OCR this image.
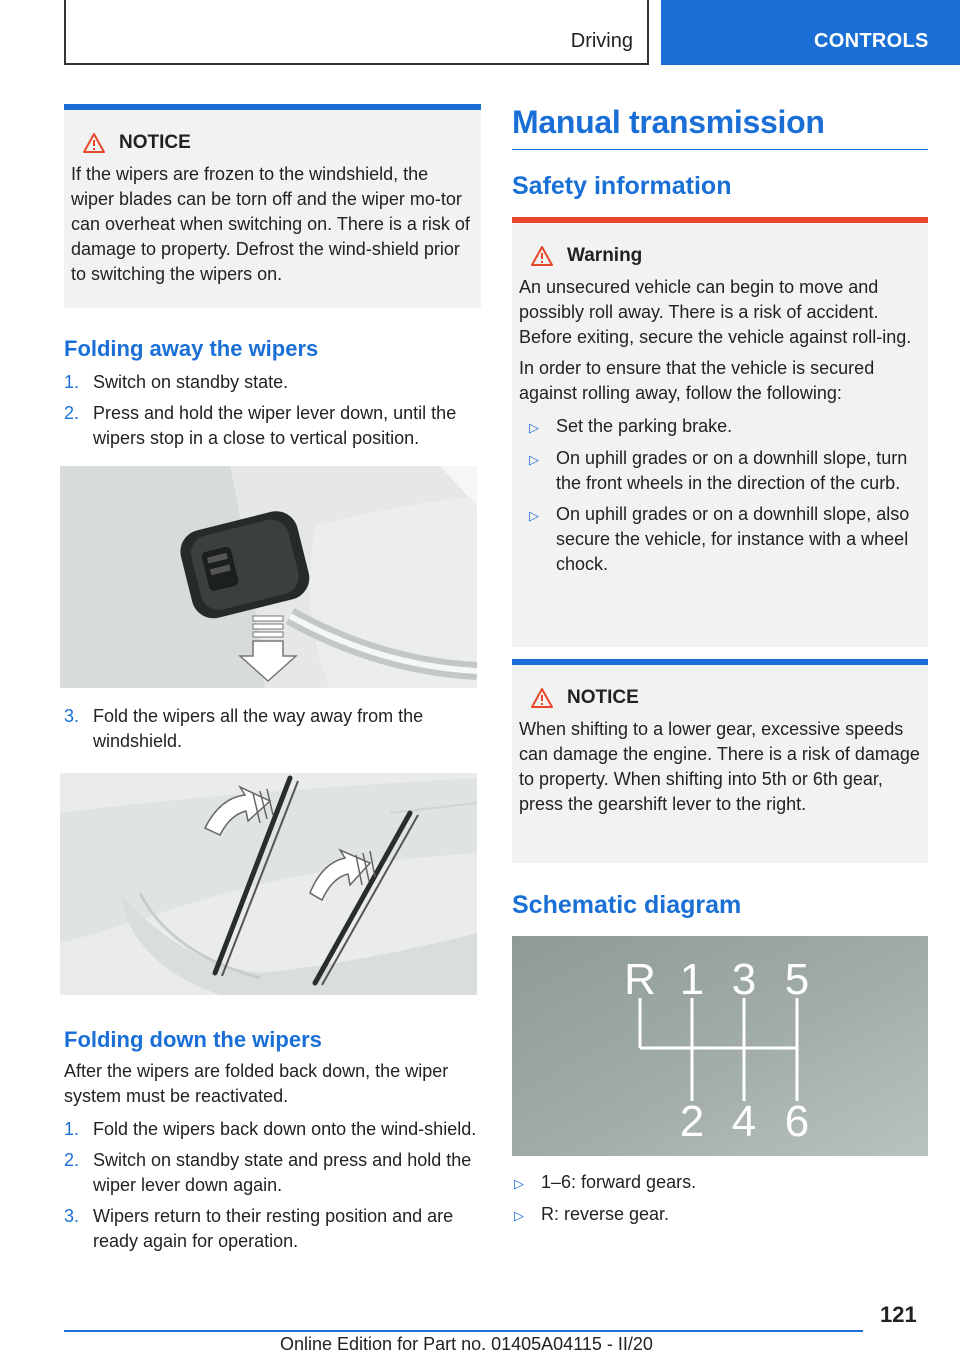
Driving	CONTROLS
NOTICE

If the wipers are frozen to the windshield, the wiper blades can be torn off and the wiper mo-tor can overheat when switching on. There is a risk of damage to property. Defrost the wind-shield prior to switching the wipers on.

Folding away the wipers
1. Switch on standby state.
2. Press and hold the wiper lever down, until the wipers stop in a close to vertical position.
3. Fold the wipers all the way away from the windshield.
Folding down the wipers

After the wipers are folded back down, the wiper system must be reactivated.

1. Fold the wipers back down onto the wind-shield.
2. Switch on standby state and press and hold the wiper lever down again.
3. Wipers return to their resting position and are ready again for operation.
Manual transmission
Safety information
Warning

An unsecured vehicle can begin to move and possibly roll away. There is a risk of accident. Before exiting, secure the vehicle against roll-ing.

In order to ensure that the vehicle is secured against rolling away, follow the following:

▷ Set the parking brake.
▷ On uphill grades or on a downhill slope, turn the front wheels in the direction of the curb.
▷ On uphill grades or on a downhill slope, also secure the vehicle, for instance with a wheel chock.
NOTICE

When shifting to a lower gear, excessive speeds can damage the engine. There is a risk of damage to property. When shifting into 5th or 6th gear, press the gearshift lever to the right.

Schematic diagram
R 1 3 5
2 4 6
▷ 1–6: forward gears.
▷ R: reverse gear.
121
Online Edition for Part no. 01405A04115 - II/20
